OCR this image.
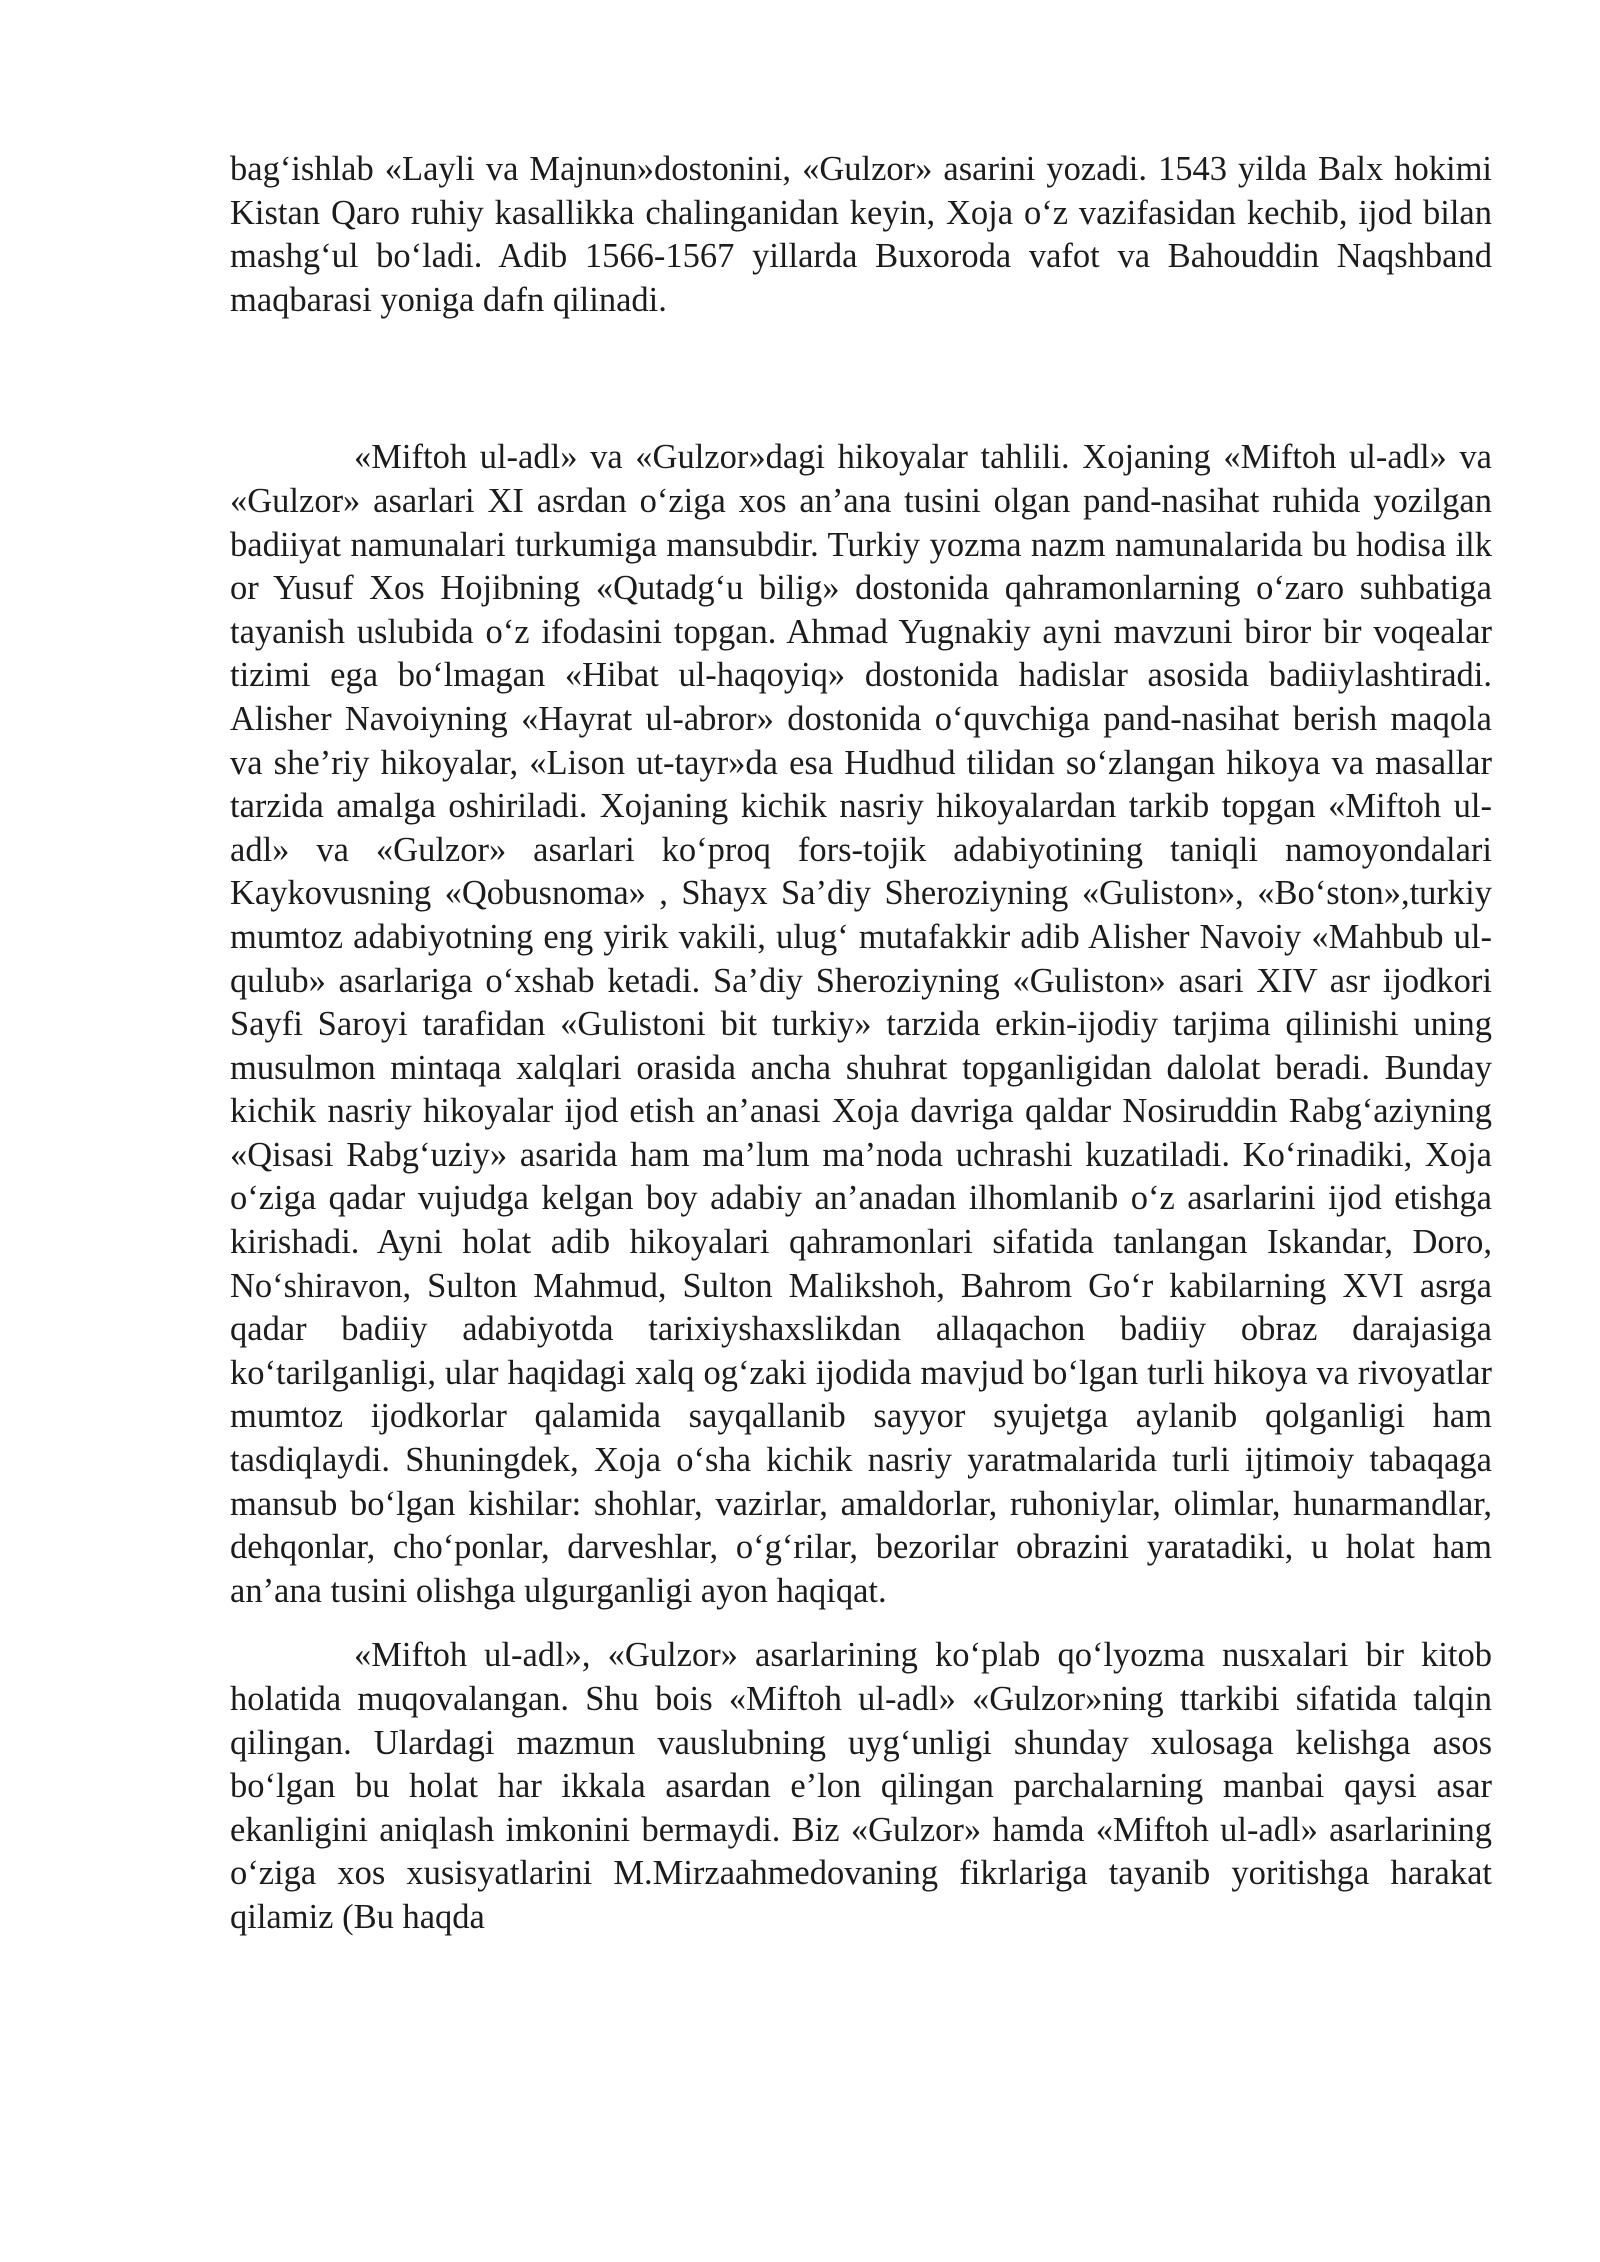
bag‘ishlab «Layli va Majnun»dostonini, «Gulzor» asarini yozadi. 1543 yilda Balx hokimi Kistan Qaro ruhiy kasallikka chalinganidan keyin, Xoja o‘z vazifasidan kechib, ijod bilan mashg‘ul bo‘ladi. Adib 1566-1567 yillarda Buxoroda vafot va Bahouddin Naqshband maqbarasi yoniga dafn qilinadi.

«Miftoh ul-adl» va «Gulzor»dagi hikoyalar tahlili. Xojaning «Miftoh ul-adl» va «Gulzor» asarlari XI asrdan o‘ziga xos an’ana tusini olgan pand-nasihat ruhida yozilgan badiiyat namunalari turkumiga mansubdir. Turkiy yozma nazm namunalarida bu hodisa ilk or Yusuf Xos Hojibning «Qutadg‘u bilig» dostonida qahramonlarning o‘zaro suhbatiga tayanish uslubida o‘z ifodasini topgan. Ahmad Yugnakiy ayni mavzuni biror bir voqealar tizimi ega bo‘lmagan «Hibat ul-haqoyiq» dostonida hadislar asosida badiiylashtiradi. Alisher Navoiyning «Hayrat ul-abror» dostonida o‘quvchiga pand-nasihat berish maqola va she’riy hikoyalar, «Lison ut-tayr»da esa Hudhud tilidan so‘zlangan hikoya va masallar tarzida amalga oshiriladi. Xojaning kichik nasriy hikoyalardan tarkib topgan «Miftoh ul-adl» va «Gulzor» asarlari ko‘proq fors-tojik adabiyotining taniqli namoyondalari Kaykovusning «Qobusnoma» , Shayx Sa’diy Sheroziyning «Guliston», «Bo‘ston»,turkiy mumtoz adabiyotning eng yirik vakili, ulug‘ mutafakkir adib Alisher Navoiy «Mahbub ul-qulub» asarlariga o‘xshab ketadi. Sa’diy Sheroziyning «Guliston» asari XIV asr ijodkori Sayfi Saroyi tarafidan «Gulistoni bit turkiy» tarzida erkin-ijodiy tarjima qilinishi uning musulmon mintaqa xalqlari orasida ancha shuhrat topganligidan dalolat beradi. Bunday kichik nasriy hikoyalar ijod etish an’anasi Xoja davriga qaldar Nosiruddin Rabg‘aziyning «Qisasi Rabg‘uziy» asarida ham ma’lum ma’noda uchrashi kuzatiladi. Ko‘rinadiki, Xoja o‘ziga qadar vujudga kelgan boy adabiy an’anadan ilhomlanib o‘z asarlarini ijod etishga kirishadi. Ayni holat adib hikoyalari qahramonlari sifatida tanlangan Iskandar, Doro, No‘shiravon, Sulton Mahmud, Sulton Malikshoh, Bahrom Go‘r kabilarning XVI asrga qadar badiiy adabiyotda tarixiyshaxslikdan allaqachon badiiy obraz darajasiga ko‘tarilganligi, ular haqidagi xalq og‘zaki ijodida mavjud bo‘lgan turli hikoya va rivoyatlar mumtoz ijodkorlar qalamida sayqallanib sayyor syujetga aylanib qolganligi ham tasdiqlaydi. Shuningdek, Xoja o‘sha kichik nasriy yaratmalarida turli ijtimoiy tabaqaga mansub bo‘lgan kishilar: shohlar, vazirlar, amaldorlar, ruhoniylar, olimlar, hunarmandlar, dehqonlar, cho‘ponlar, darveshlar, o‘g‘rilar, bezorilar obrazini yaratadiki, u holat ham an’ana tusini olishga ulgurganligi ayon haqiqat.

«Miftoh ul-adl», «Gulzor» asarlarining ko‘plab qo‘lyozma nusxalari bir kitob holatida muqovalangan. Shu bois «Miftoh ul-adl» «Gulzor»ning ttarkibi sifatida talqin qilingan. Ulardagi mazmun vauslubning uyg‘unligi shunday xulosaga kelishga asos bo‘lgan bu holat har ikkala asardan e’lon qilingan parchalarning manbai qaysi asar ekanligini aniqlash imkonini bermaydi. Biz «Gulzor» hamda «Miftoh ul-adl» asarlarining o‘ziga xos xusisyatlarini M.Mirzaahmedovaning fikrlariga tayanib yoritishga harakat qilamiz (Bu haqda
